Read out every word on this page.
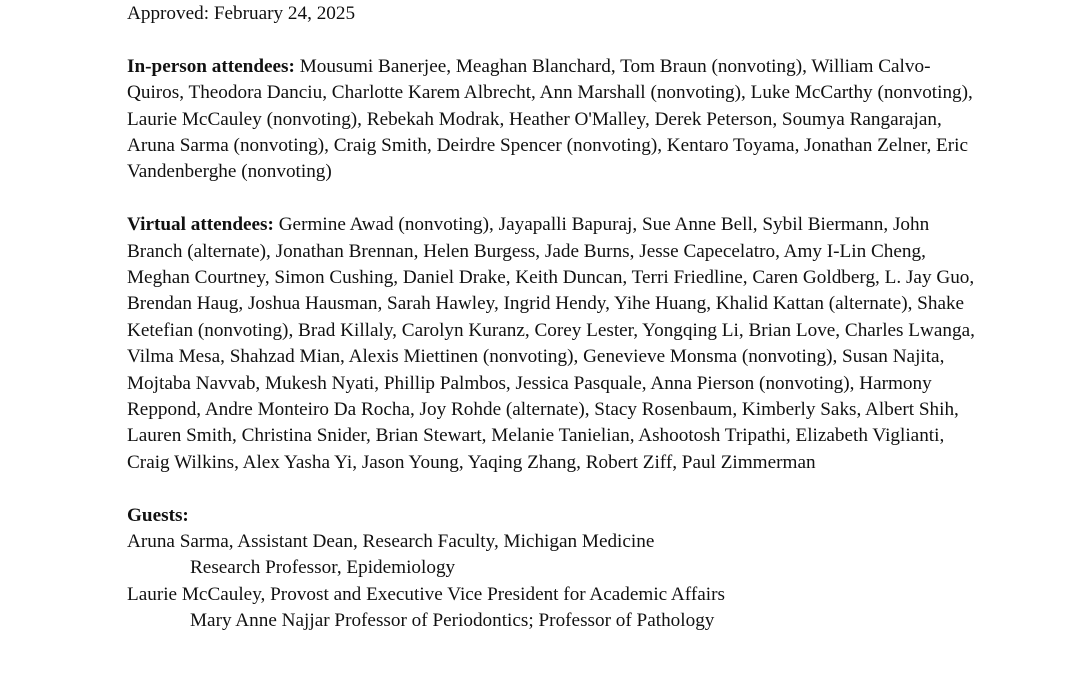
Approved: February 24, 2025

In-person attendees: Mousumi Banerjee, Meaghan Blanchard, Tom Braun (nonvoting), William Calvo-Quiros, Theodora Danciu, Charlotte Karem Albrecht, Ann Marshall (nonvoting), Luke McCarthy (nonvoting), Laurie McCauley (nonvoting), Rebekah Modrak, Heather O'Malley, Derek Peterson, Soumya Rangarajan, Aruna Sarma (nonvoting), Craig Smith, Deirdre Spencer (nonvoting), Kentaro Toyama, Jonathan Zelner, Eric Vandenberghe (nonvoting)

Virtual attendees: Germine Awad (nonvoting), Jayapalli Bapuraj, Sue Anne Bell, Sybil Biermann, John Branch (alternate), Jonathan Brennan, Helen Burgess, Jade Burns, Jesse Capecelatro, Amy I-Lin Cheng, Meghan Courtney, Simon Cushing, Daniel Drake, Keith Duncan, Terri Friedline, Caren Goldberg, L. Jay Guo, Brendan Haug, Joshua Hausman, Sarah Hawley, Ingrid Hendy, Yihe Huang, Khalid Kattan (alternate), Shake Ketefian (nonvoting), Brad Killaly, Carolyn Kuranz, Corey Lester, Yongqing Li, Brian Love, Charles Lwanga, Vilma Mesa, Shahzad Mian, Alexis Miettinen (nonvoting), Genevieve Monsma (nonvoting), Susan Najita, Mojtaba Navvab, Mukesh Nyati, Phillip Palmbos, Jessica Pasquale, Anna Pierson (nonvoting), Harmony Reppond, Andre Monteiro Da Rocha, Joy Rohde (alternate), Stacy Rosenbaum, Kimberly Saks, Albert Shih, Lauren Smith, Christina Snider, Brian Stewart, Melanie Tanielian, Ashootosh Tripathi, Elizabeth Viglianti, Craig Wilkins, Alex Yasha Yi, Jason Young, Yaqing Zhang, Robert Ziff, Paul Zimmerman

Guests:

Aruna Sarma, Assistant Dean, Research Faculty, Michigan Medicine

Research Professor, Epidemiology

Laurie McCauley, Provost and Executive Vice President for Academic Affairs

Mary Anne Najjar Professor of Periodontics; Professor of Pathology
